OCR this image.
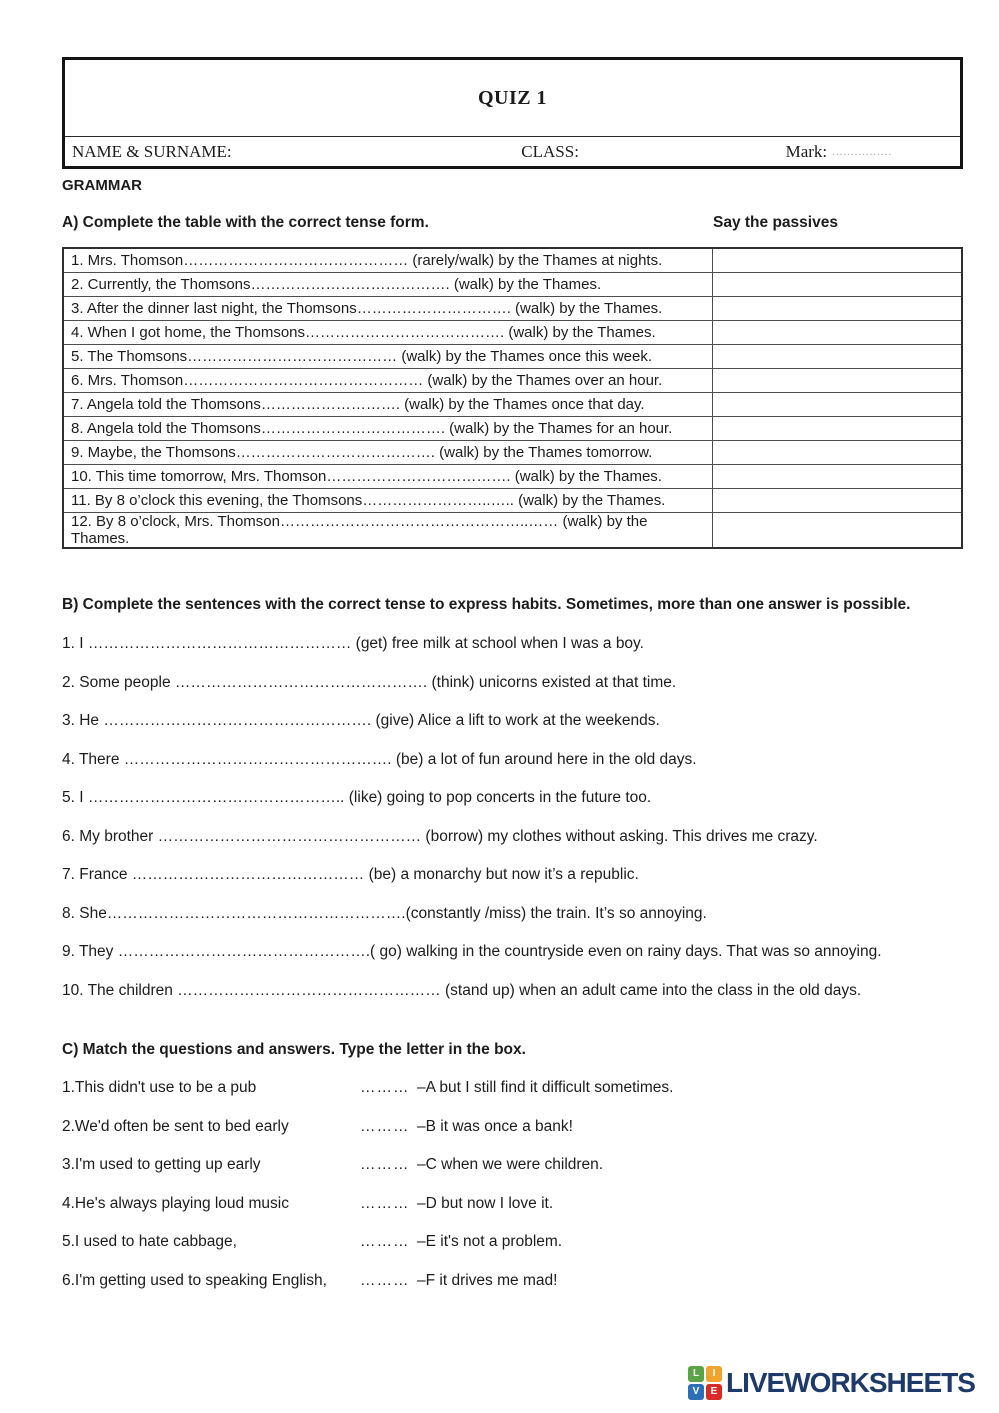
QUIZ 1
NAME & SURNAME:	CLASS:	Mark: ................
GRAMMAR
A) Complete the table with the correct tense form.	Say the passives
1. Mrs. Thomson……………………………………… (rarely/walk) by the Thames at nights.	
2. Currently, the Thomsons…………………………………. (walk) by the Thames.	
3. After the dinner last night, the Thomsons…………………………. (walk) by the Thames.	
4. When I got home, the Thomsons…………………………………. (walk) by the Thames.	
5. The Thomsons…………………………………… (walk) by the Thames once this week.	
6. Mrs. Thomson………………………………………… (walk) by the Thames over an hour.	
7. Angela told the Thomsons………………………. (walk) by the Thames once that day.	
8. Angela told the Thomsons………………………………. (walk) by the Thames for an hour.	
9. Maybe, the Thomsons…………………………………. (walk) by the Thames tomorrow.	
10. This time tomorrow, Mrs. Thomson………………………………. (walk) by the Thames.	
11. By 8 o’clock this evening, the Thomsons……………………..….. (walk) by the Thames.	
12. By 8 o’clock, Mrs. Thomson…………………………………………..…… (walk) by the Thames.	
B) Complete the sentences with the correct tense to express habits. Sometimes, more than one answer is possible.

1. I …………………………………………… (get) free milk at school when I was a boy.

2. Some people …………………………………………. (think) unicorns existed at that time.

3. He ……………………………………………. (give) Alice a lift to work at the weekends.

4. There ……………………………………………. (be) a lot of fun around here in the old days.

5. I ………………………………………….. (like) going to pop concerts in the future too.

6. My brother …………………………………………… (borrow) my clothes without asking. This drives me crazy.

7. France ……………………………………… (be) a monarchy but now it’s a republic.

8. She………………………………………………….(constantly /miss) the train. It’s so annoying.

9. They ………………………………………….( go) walking in the countryside even on rainy days. That was so annoying.

10. The children …………………………………………… (stand up) when an adult came into the class in the old days.

C) Match the questions and answers. Type the letter in the box.
1.This didn't use to be a pub	……… –A but I still find it difficult sometimes.
2.We'd often be sent to bed early	……… –B it was once a bank!
3.I'm used to getting up early	……… –C when we were children.
4.He's always playing loud music	……… –D but now I love it.
5.I used to hate cabbage,	……… –E it's not a problem.
6.I'm getting used to speaking English,	……… –F it drives me mad!
L	I
V	E LIVEWORKSHEETS
